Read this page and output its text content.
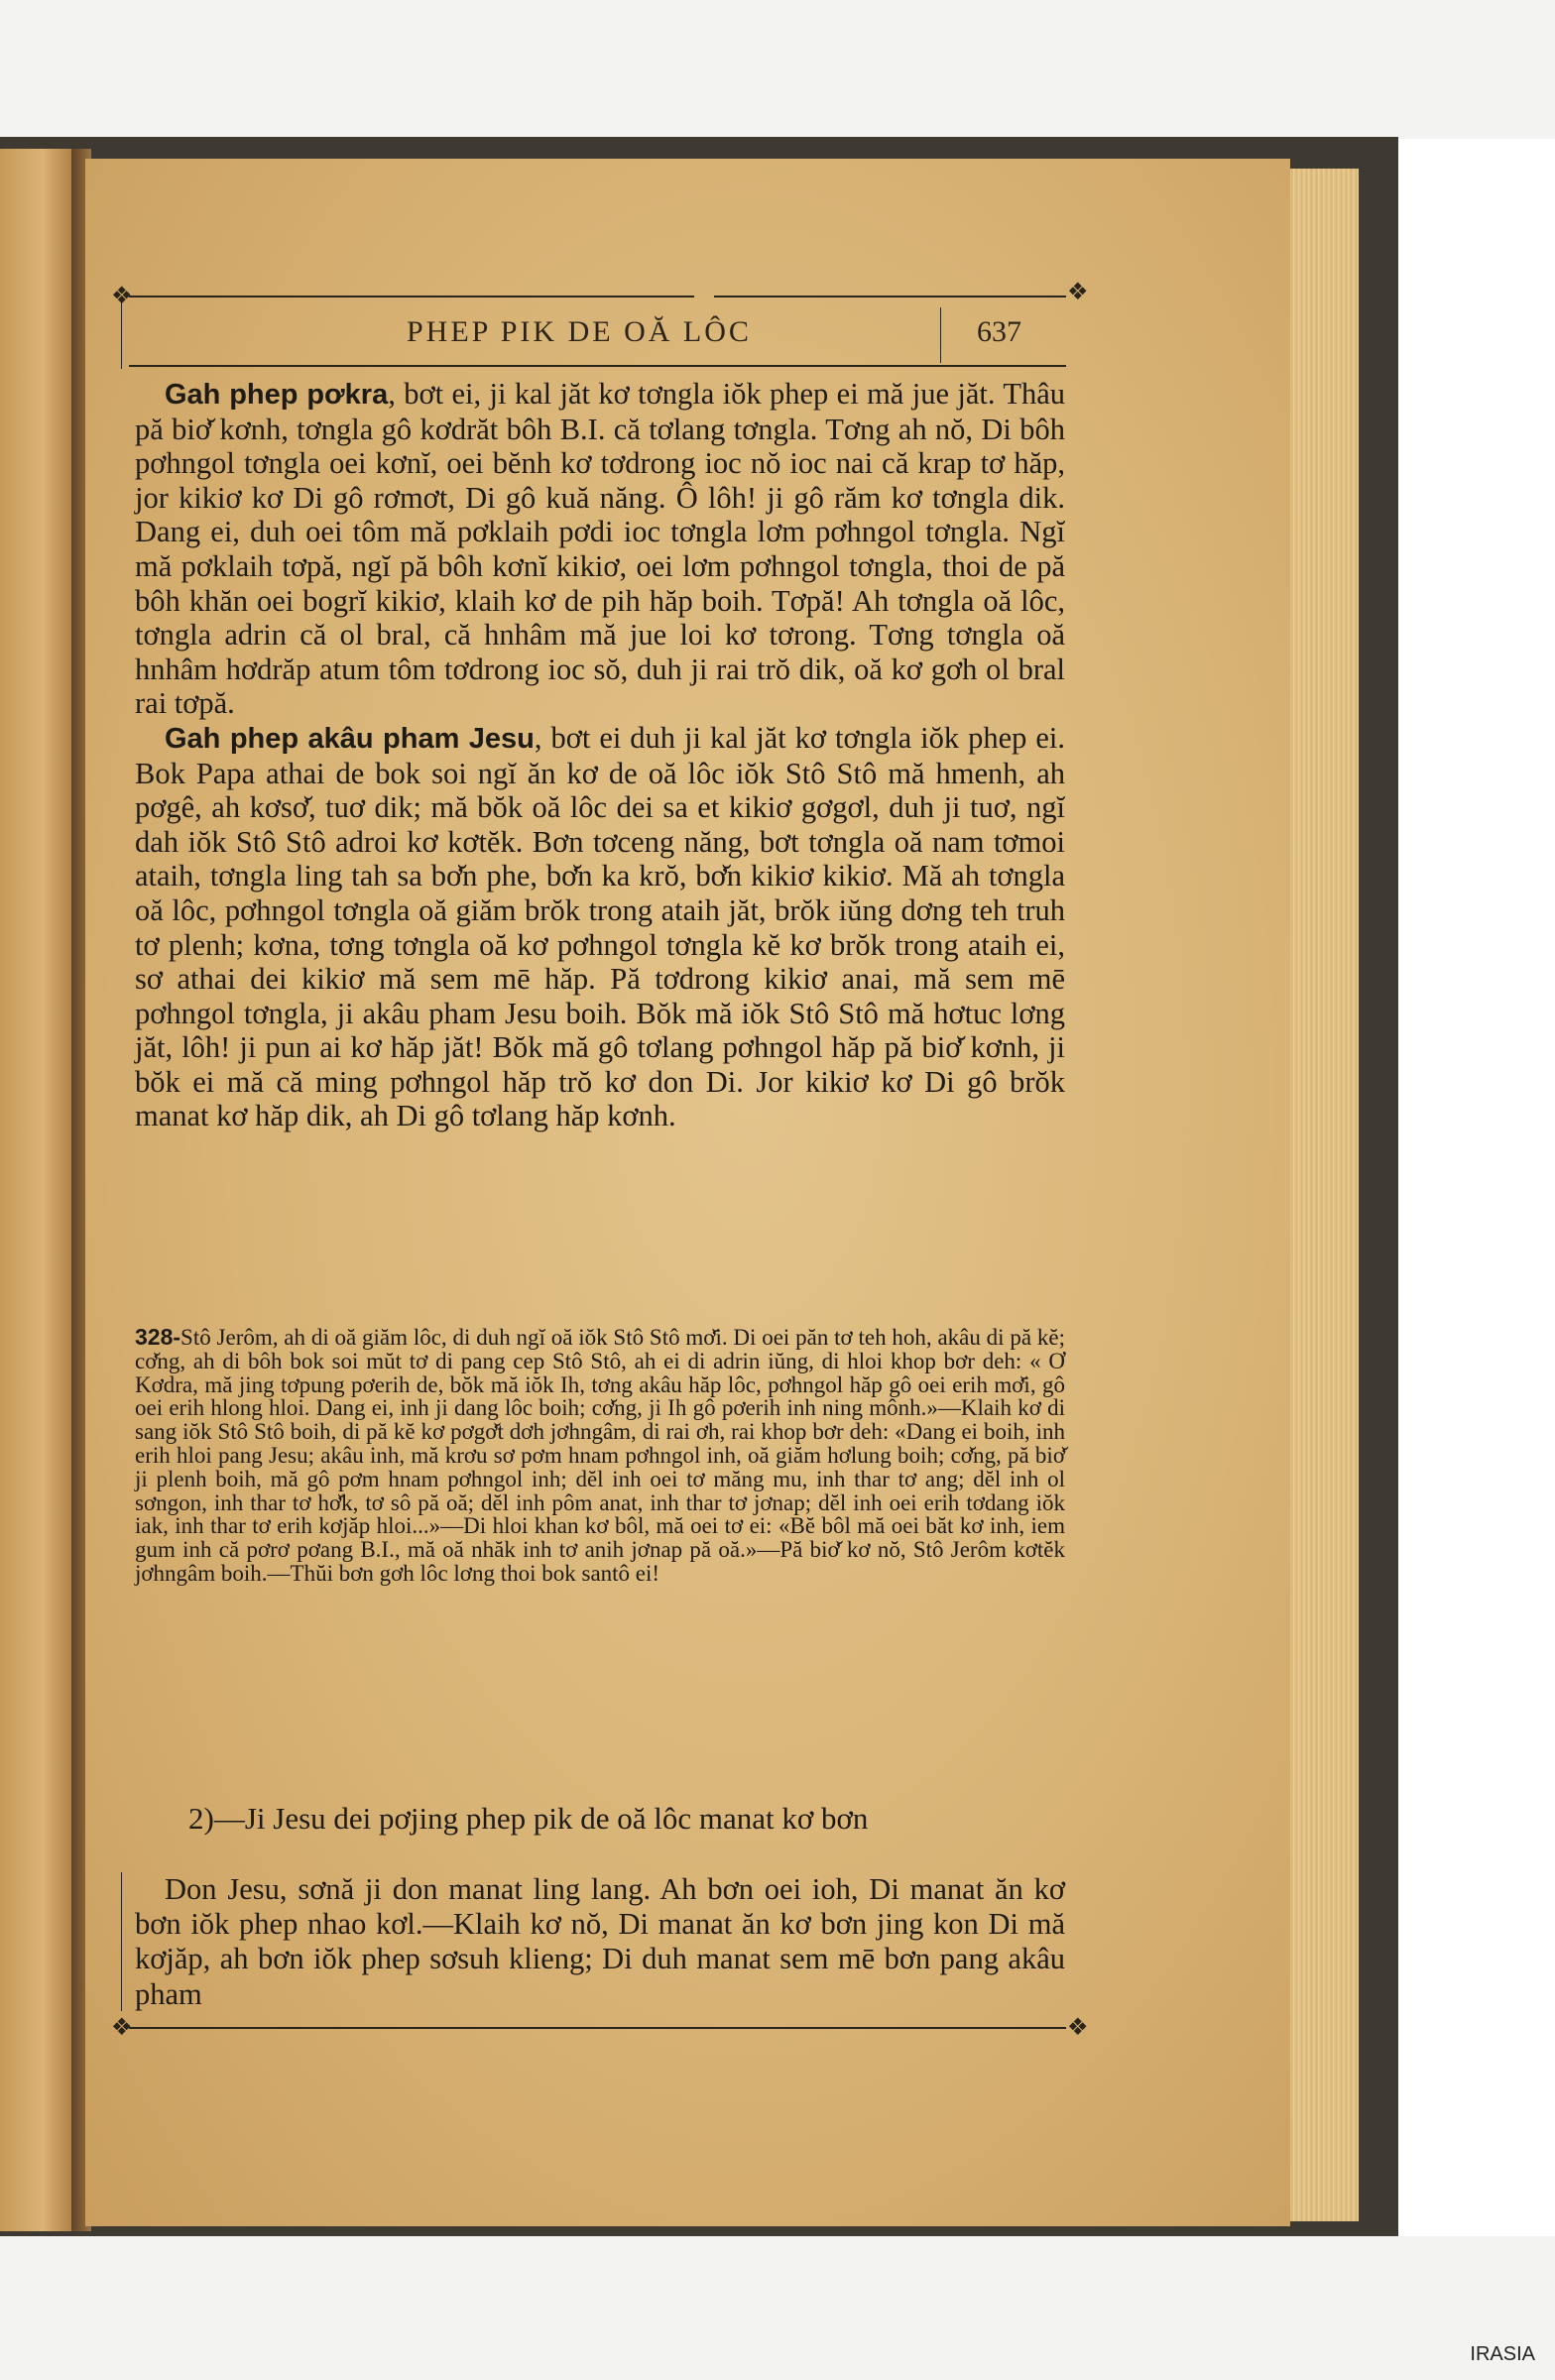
❖	❖
PHEP PIK DE OĂ LÔC	637

Gah phep pơkra, bơt ei, ji kal jăt kơ tơngla iŏk phep ei mă jue jăt. Thâu pă biơ̆ kơnh, tơngla gô kơdrăt bôh B.I. că tơlang tơngla. Tơng ah nŏ, Di bôh pơhngol tơngla oei kơnĭ, oei bĕnh kơ tơdrong ioc nŏ ioc nai că krap tơ hăp, jor kikiơ kơ Di gô rơmơt, Di gô kuă năng. Ô lôh! ji gô răm kơ tơngla dik. Dang ei, duh oei tôm mă pơklaih pơdi ioc tơngla lơm pơhngol tơngla. Ngĭ mă pơklaih tơpă, ngĭ pă bôh kơnĭ kikiơ, oei lơm pơhngol tơngla, thoi de pă bôh khăn oei bogrĭ kikiơ, klaih kơ de pih hăp boih. Tơpă! Ah tơngla oă lôc, tơngla adrin că ol bral, că hnhâm mă jue loi kơ tơrong. Tơng tơngla oă hnhâm hơdrăp atum tôm tơdrong ioc sŏ, duh ji rai trŏ dik, oă kơ gơh ol bral rai tơpă.

Gah phep akâu pham Jesu, bơt ei duh ji kal jăt kơ tơngla iŏk phep ei. Bok Papa athai de bok soi ngĭ ăn kơ de oă lôc iŏk Stô Stô mă hmenh, ah pơgê, ah kơsơ̆, tuơ dik; mă bŏk oă lôc dei sa et kikiơ gơgơl, duh ji tuơ, ngĭ dah iŏk Stô Stô adroi kơ kơtĕk. Bơn tơceng năng, bơt tơngla oă nam tơmoi ataih, tơngla ling tah sa bơ̆n phe, bơ̆n ka krŏ, bơ̆n kikiơ kikiơ. Mă ah tơngla oă lôc, pơhngol tơngla oă giăm brŏk trong ataih jăt, brŏk iŭng dơng teh truh tơ plenh; kơna, tơng tơngla oă kơ pơhngol tơngla kĕ kơ brŏk trong ataih ei, sơ athai dei kikiơ mă sem mē hăp. Pă tơdrong kikiơ anai, mă sem mē pơhngol tơngla, ji akâu pham Jesu boih. Bŏk mă iŏk Stô Stô mă hơtuc lơng jăt, lôh! ji pun ai kơ hăp jăt! Bŏk mă gô tơlang pơhngol hăp pă biơ̆ kơnh, ji bŏk ei mă că ming pơhngol hăp trŏ kơ don Di. Jor kikiơ kơ Di gô brŏk manat kơ hăp dik, ah Di gô tơlang hăp kơnh.

328-Stô Jerôm, ah di oă giăm lôc, di duh ngĭ oă iŏk Stô Stô mơ̆i. Di oei păn tơ teh hoh, akâu di pă kĕ; cơ̆ng, ah di bôh bok soi mŭt tơ di pang cep Stô Stô, ah ei di adrin iŭng, di hloi khop bơr deh: « Ơ Kơdra, mă jing tơpung pơerih de, bŏk mă iŏk Ih, tơng akâu hăp lôc, pơhngol hăp gô oei erih mơ̆i, gô oei erih hlong hloi. Dang ei, inh ji dang lôc boih; cơ̆ng, ji Ih gô pơerih inh ning mônh.»—Klaih kơ di sang iŏk Stô Stô boih, di pă kĕ kơ pơgơ̆t dơh jơhngâm, di rai ơh, rai khop bơr deh: «Dang ei boih, inh erih hloi pang Jesu; akâu inh, mă krơu sơ pơm hnam pơhngol inh, oă giăm hơlung boih; cơ̆ng, pă biơ̆ ji plenh boih, mă gô pơm hnam pơhngol inh; dĕl inh oei tơ măng mu, inh thar tơ ang; dĕl inh ol sơngon, inh thar tơ hơ̆k, tơ sô pă oă; dĕl inh pôm anat, inh thar tơ jơnap; dĕl inh oei erih tơdang iŏk iak, inh thar tơ erih kơjăp hloi...»—Di hloi khan kơ bôl, mă oei tơ ei: «Bĕ bôl mă oei băt kơ inh, iem gum inh că pơrơ pơang B.I., mă oă nhăk inh tơ anih jơnap pă oă.»—Pă biơ̆ kơ nŏ, Stô Jerôm kơtĕk jơhngâm boih.—Thŭi bơn gơh lôc lơng thoi bok santô ei!
2)—Ji Jesu dei pơjing phep pik de oă lôc manat kơ bơn

Don Jesu, sơnă ji don manat ling lang. Ah bơn oei ioh, Di manat ăn kơ bơn iŏk phep nhao kơl.—Klaih kơ nŏ, Di manat ăn kơ bơn jing kon Di mă kơjăp, ah bơn iŏk phep sơsuh klieng; Di duh manat sem mē bơn pang akâu pham

❖	❖
IRASIA
